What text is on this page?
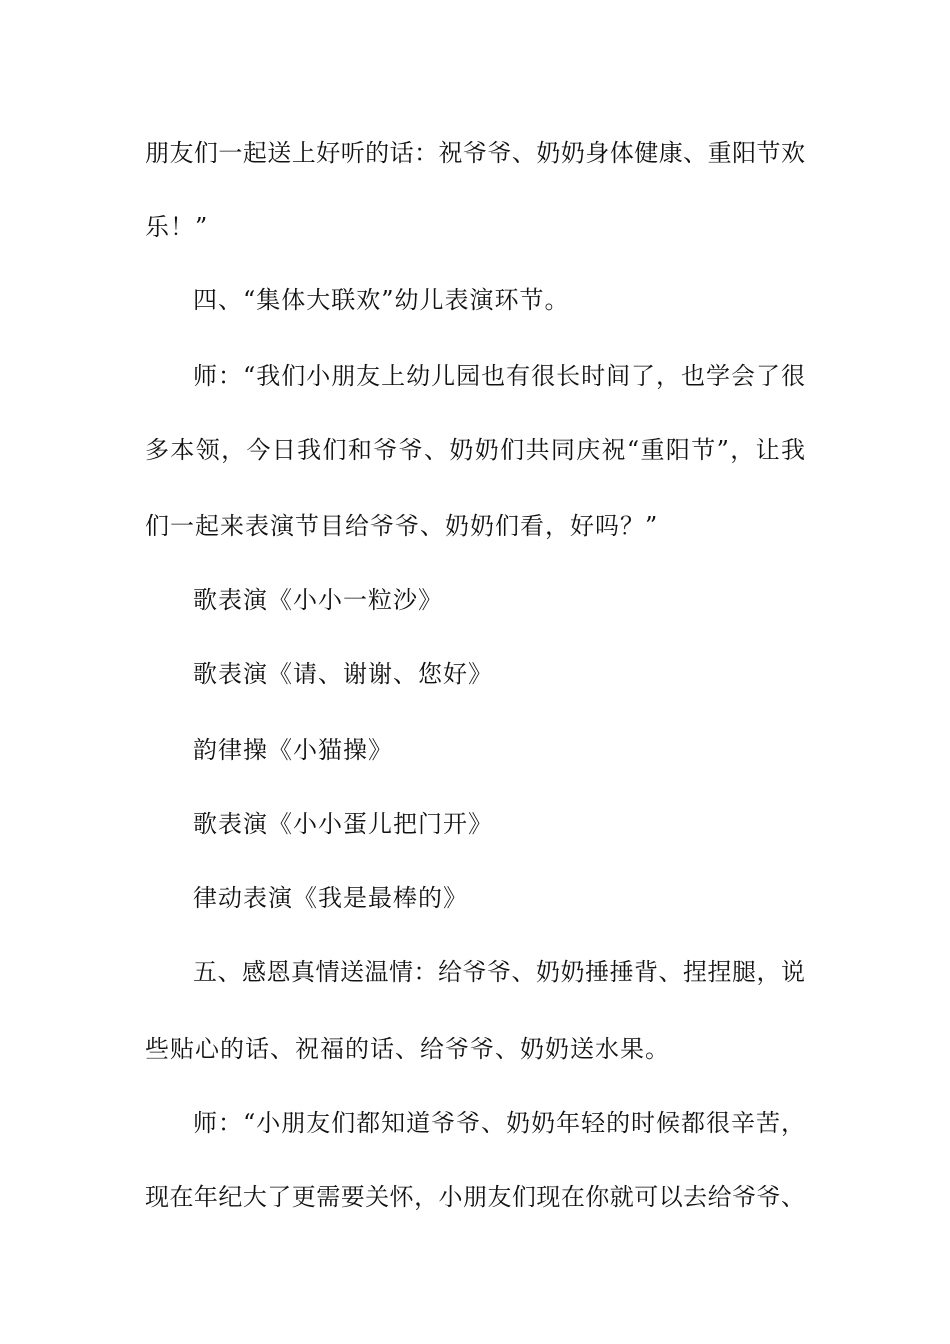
朋友们一起送上好听的话：祝爷爷、奶奶身体健康、重阳节欢
乐！”
四、“集体大联欢”幼儿表演环节。
师：“我们小朋友上幼儿园也有很长时间了，也学会了很
多本领，今日我们和爷爷、奶奶们共同庆祝“重阳节”，让我
们一起来表演节目给爷爷、奶奶们看，好吗？”
歌表演《小小一粒沙》
歌表演《请、谢谢、您好》
韵律操《小猫操》
歌表演《小小蛋儿把门开》
律动表演《我是最棒的》
五、感恩真情送温情：给爷爷、奶奶捶捶背、捏捏腿，说
些贴心的话、祝福的话、给爷爷、奶奶送水果。
师：“小朋友们都知道爷爷、奶奶年轻的时候都很辛苦，
现在年纪大了更需要关怀，小朋友们现在你就可以去给爷爷、
